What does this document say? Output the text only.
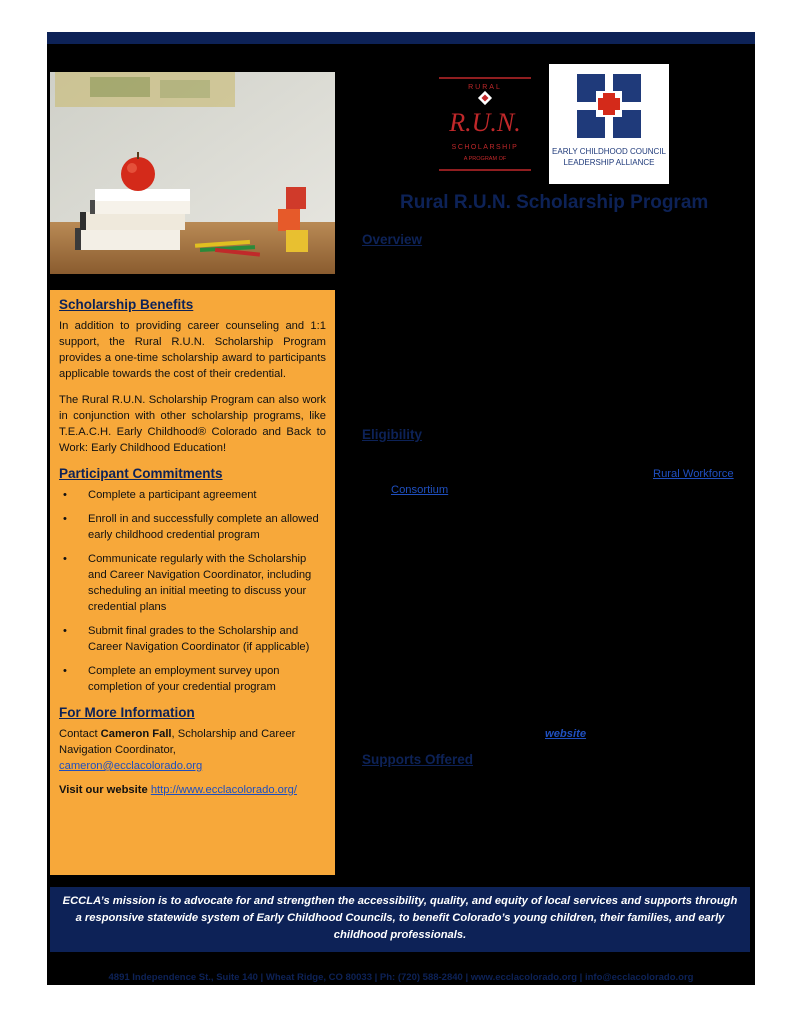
Scholarship Benefits

In addition to providing career counseling and 1:1 support, the Rural R.U.N. Scholarship Program provides a one-time scholarship award to participants applicable towards the cost of their credential.

The Rural R.U.N. Scholarship Program can also work in conjunction with other scholarship programs, like T.E.A.C.H. Early Childhood® Colorado and Back to Work: Early Childhood Education!

Participant Commitments
• Complete a participant agreement
• Enroll in and successfully complete an allowed early childhood credential program
• Communicate regularly with the Scholarship and Career Navigation Coordinator, including scheduling an initial meeting to discuss your credential plans
• Submit final grades to the Scholarship and Career Navigation Coordinator (if applicable)
• Complete an employment survey upon completion of your credential program
For More Information

Contact Cameron Fall, Scholarship and Career Navigation Coordinator,
cameron@ecclacolorado.org

Visit our website http://www.ecclacolorado.org/

RURAL
R.U.N.
SCHOLARSHIP
A PROGRAM OF
EARLY CHILDHOOD COUNCIL
LEADERSHIP ALLIANCE
Rural R.U.N. Scholarship Program
Overview
Eligibility
Rural Workforce
Consortium
website
Supports Offered
ECCLA’s mission is to advocate for and strengthen the accessibility, quality, and equity of local services and supports through a responsive statewide system of Early Childhood Councils, to benefit Colorado’s young children, their families, and early childhood professionals.
4891 Independence St., Suite 140 | Wheat Ridge, CO 80033 | Ph: (720) 588-2840 | www.ecclacolorado.org | info@ecclacolorado.org
